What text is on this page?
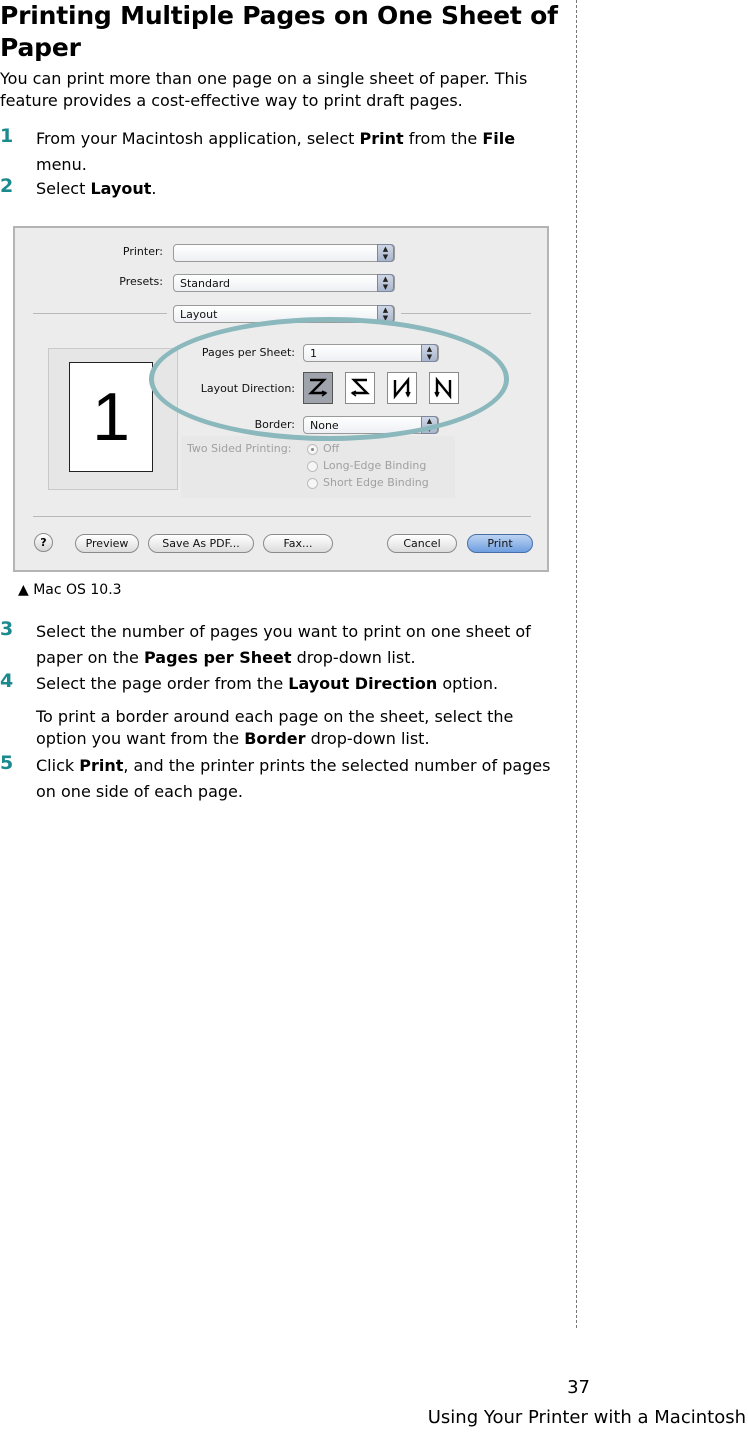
Printing Multiple Pages on One Sheet of Paper

You can print more than one page on a single sheet of paper. This feature provides a cost-effective way to print draft pages.

1 From your Macintosh application, select Print from the File menu.
2 Select Layout.
Printer:	▲
▼
Presets:	Standard	▲
▼
Layout	▲
▼
1
Pages per Sheet:	1	▲
▼
Layout Direction:
Border:	None	▲
▼
Two Sided Printing:	Off
Long-Edge Binding
Short Edge Binding
?	Preview	Save As PDF...	Fax...	Cancel	Print
▲ Mac OS 10.3
3 Select the number of pages you want to print on one sheet of paper on the Pages per Sheet drop-down list.
4 Select the page order from the Layout Direction option.

To print a border around each page on the sheet, select the option you want from the Border drop-down list.

5 Click Print, and the printer prints the selected number of pages on one side of each page.
37
Using Your Printer with a Macintosh
